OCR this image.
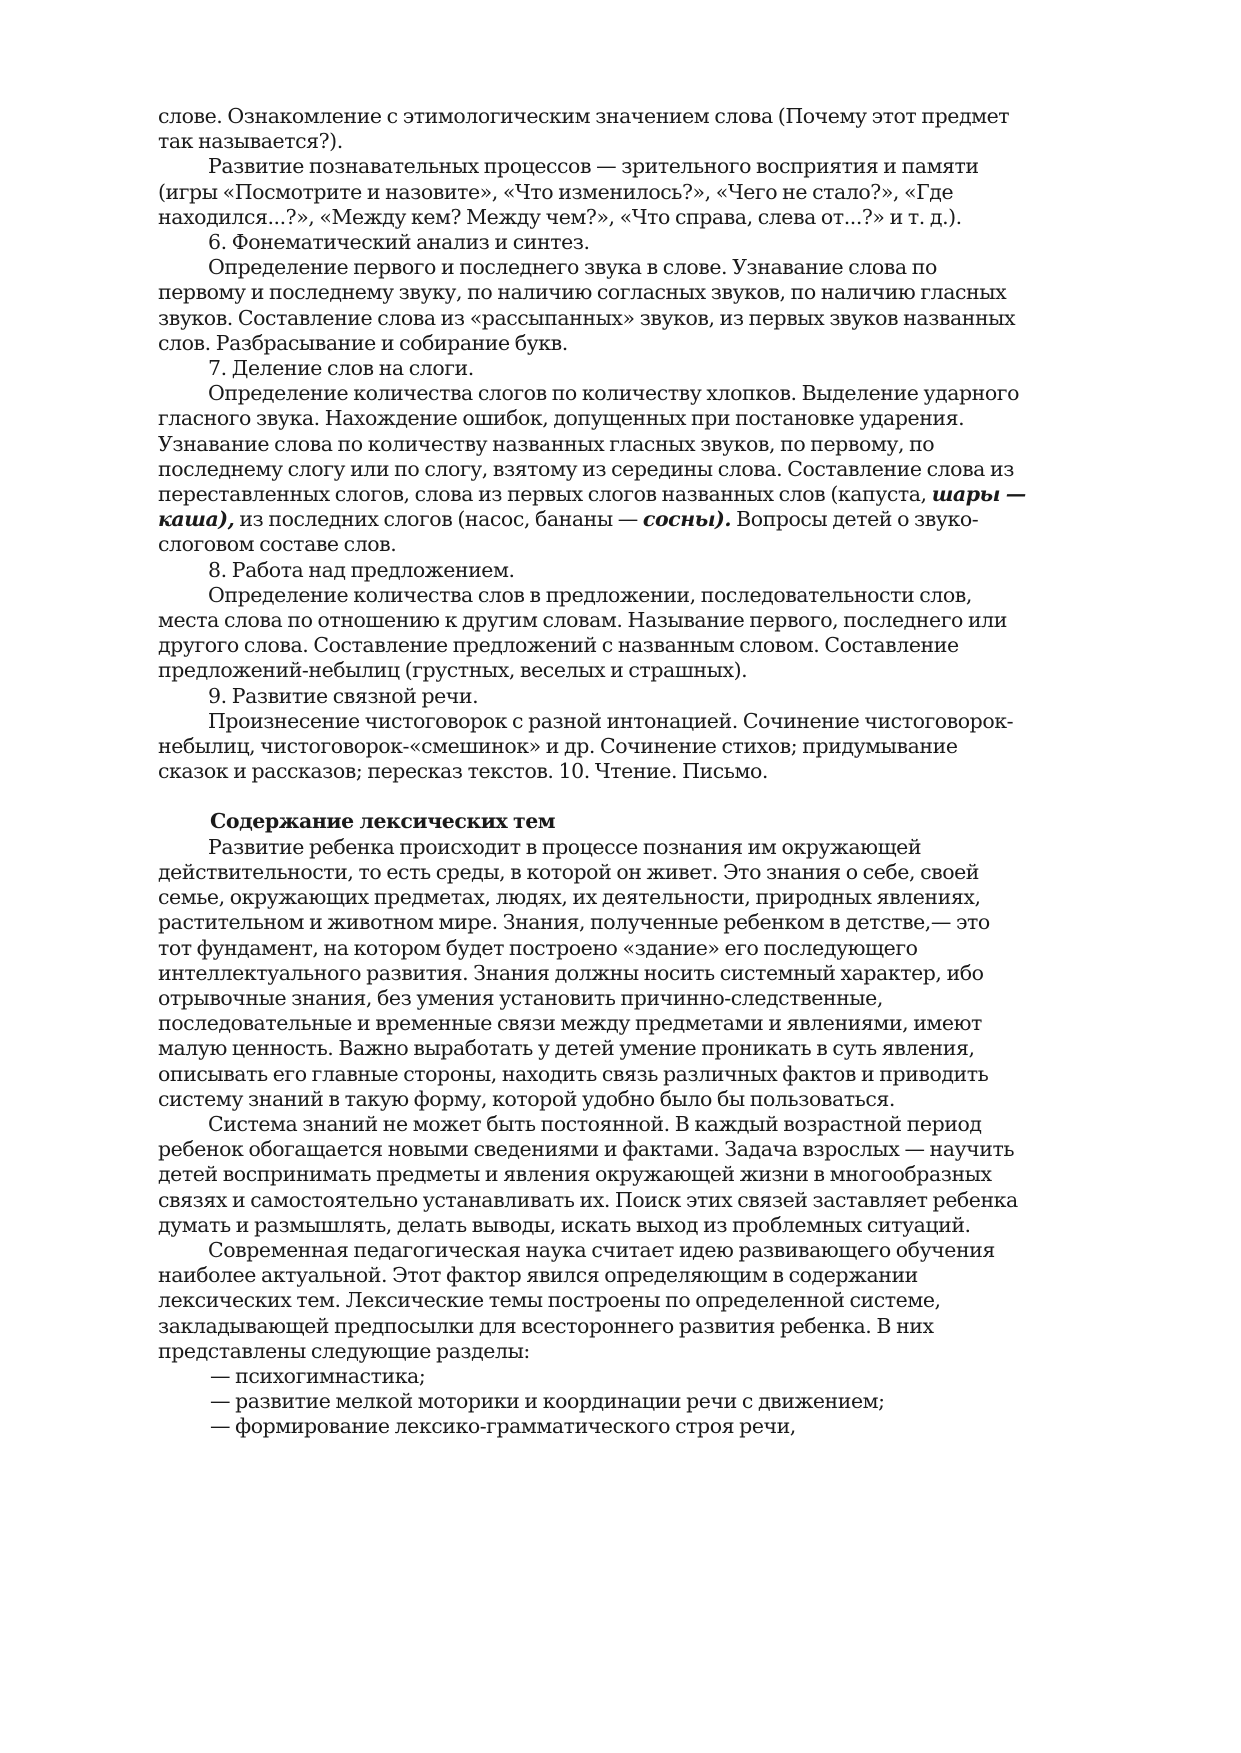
слове. Ознакомление с этимологическим значением слова (Почему этот предмет
так называется?).
Развитие познавательных процессов — зрительного восприятия и памяти
(игры «Посмотрите и назовите», «Что изменилось?», «Чего не стало?», «Где
находился...?», «Между кем? Между чем?», «Что справа, слева от...?» и т. д.).
6. Фонематический анализ и синтез.
Определение первого и последнего звука в слове. Узнавание слова по
первому и последнему звуку, по наличию согласных звуков, по наличию гласных
звуков. Составление слова из «рассыпанных» звуков, из первых звуков названных
слов. Разбрасывание и собирание букв.
7. Деление слов на слоги.
Определение количества слогов по количеству хлопков. Выделение ударного
гласного звука. Нахождение ошибок, допущенных при постановке ударения.
Узнавание слова по количеству названных гласных звуков, по первому, по
последнему слогу или по слогу, взятому из середины слова. Составление слова из
переставленных слогов, слова из первых слогов названных слов (капуста, шары —
каша), из последних слогов (насос, бананы — сосны). Вопросы детей о звуко-
слоговом составе слов.
8. Работа над предложением.
Определение количества слов в предложении, последовательности слов,
места слова по отношению к другим словам. Называние первого, последнего или
другого слова. Составление предложений с названным словом. Составление
предложений-небылиц (грустных, веселых и страшных).
9. Развитие связной речи.
Произнесение чистоговорок с разной интонацией. Сочинение чистоговорок-
небылиц, чистоговорок-«смешинок» и др. Сочинение стихов; придумывание
сказок и рассказов; пересказ текстов. 10. Чтение. Письмо.
Содержание лексических тем
Развитие ребенка происходит в процессе познания им окружающей
действительности, то есть среды, в которой он живет. Это знания о себе, своей
семье, окружающих предметах, людях, их деятельности, природных явлениях,
растительном и животном мире. Знания, полученные ребенком в детстве,— это
тот фундамент, на котором будет построено «здание» его последующего
интеллектуального развития. Знания должны носить системный характер, ибо
отрывочные знания, без умения установить причинно-следственные,
последовательные и временные связи между предметами и явлениями, имеют
малую ценность. Важно выработать у детей умение проникать в суть явления,
описывать его главные стороны, находить связь различных фактов и приводить
систему знаний в такую форму, которой удобно было бы пользоваться.
Система знаний не может быть постоянной. В каждый возрастной период
ребенок обогащается новыми сведениями и фактами. Задача взрослых — научить
детей воспринимать предметы и явления окружающей жизни в многообразных
связях и самостоятельно устанавливать их. Поиск этих связей заставляет ребенка
думать и размышлять, делать выводы, искать выход из проблемных ситуаций.
Современная педагогическая наука считает идею развивающего обучения
наиболее актуальной. Этот фактор явился определяющим в содержании
лексических тем. Лексические темы построены по определенной системе,
закладывающей предпосылки для всестороннего развития ребенка. В них
представлены следующие разделы:
— психогимнастика;
— развитие мелкой моторики и координации речи с движением;
— формирование лексико-грамматического строя речи,
